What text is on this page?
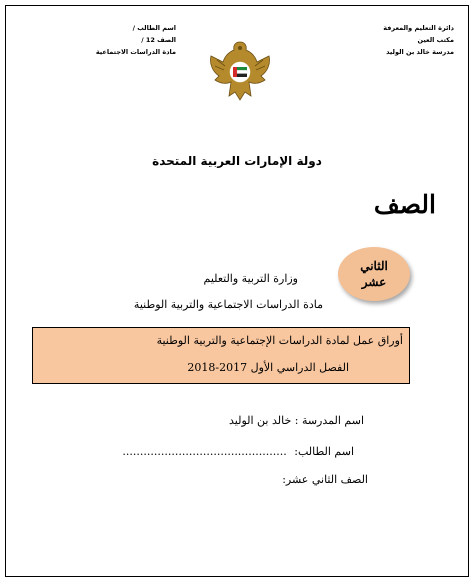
دائرة التعليم والمعرفة
مكتب العين
مدرسة خالد بن الوليد
اسم الطالب /
الصف 12 /
مادة الدراسات الاجتماعية
دولة الإمارات العربية المتحدة
الصف
الثاني
عشر
وزارة التربية والتعليم
مادة الدراسات الاجتماعية والتربية الوطنية
أوراق عمل لمادة الدراسات الإجتماعية والتربية الوطنية
الفصل الدراسي الأول 2017-2018
اسم المدرسة : خالد بن الوليد
اسم الطالب: ...............................................
الصف الثاني عشر:
